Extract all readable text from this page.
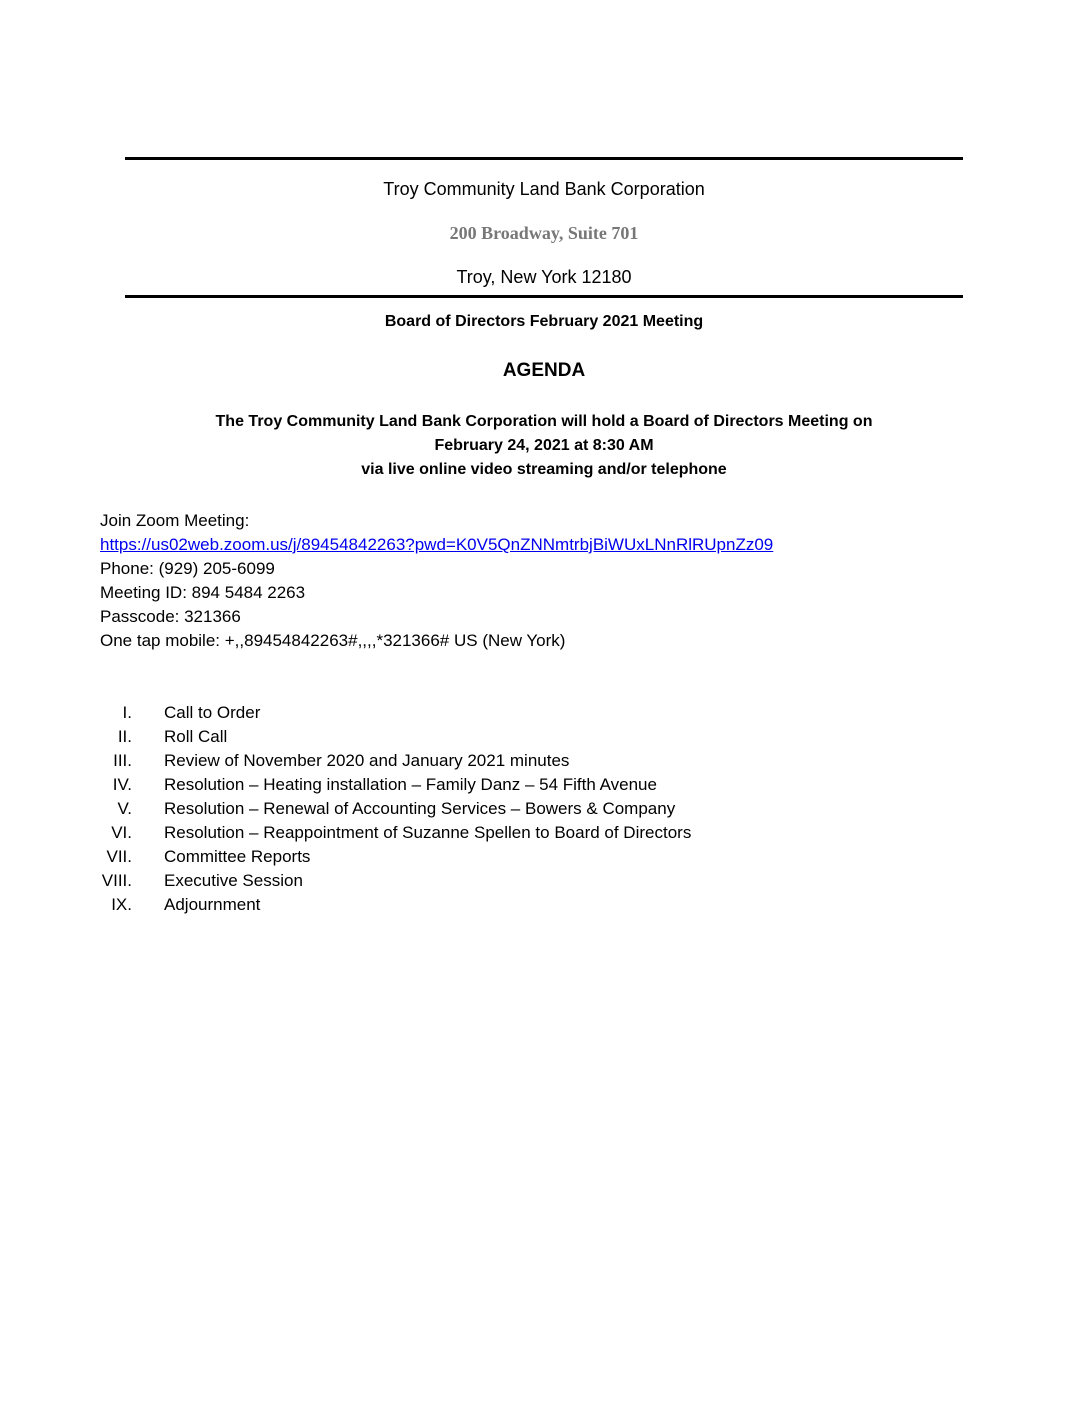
Troy Community Land Bank Corporation
200 Broadway, Suite 701
Troy, New York 12180
Board of Directors February 2021 Meeting
AGENDA
The Troy Community Land Bank Corporation will hold a Board of Directors Meeting on
February 24, 2021 at 8:30 AM
via live online video streaming and/or telephone
Join Zoom Meeting:
https://us02web.zoom.us/j/89454842263?pwd=K0V5QnZNNmtrbjBiWUxLNnRlRUpnZz09
Phone: (929) 205-6099
Meeting ID: 894 5484 2263
Passcode: 321366
One tap mobile: +,,89454842263#,,,,*321366# US (New York)
I. Call to Order
II. Roll Call
III. Review of November 2020 and January 2021 minutes
IV. Resolution – Heating installation – Family Danz – 54 Fifth Avenue
V. Resolution – Renewal of Accounting Services – Bowers & Company
VI. Resolution – Reappointment of Suzanne Spellen to Board of Directors
VII. Committee Reports
VIII. Executive Session
IX. Adjournment
